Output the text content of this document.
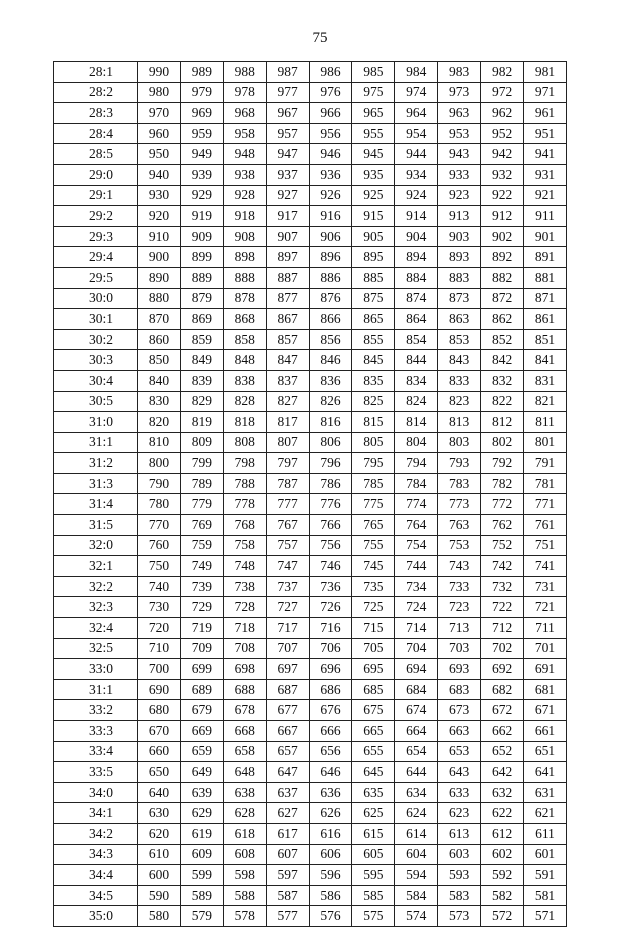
75
28:1	990	989	988	987	986	985	984	983	982	981
28:2	980	979	978	977	976	975	974	973	972	971
28:3	970	969	968	967	966	965	964	963	962	961
28:4	960	959	958	957	956	955	954	953	952	951
28:5	950	949	948	947	946	945	944	943	942	941
29:0	940	939	938	937	936	935	934	933	932	931
29:1	930	929	928	927	926	925	924	923	922	921
29:2	920	919	918	917	916	915	914	913	912	911
29:3	910	909	908	907	906	905	904	903	902	901
29:4	900	899	898	897	896	895	894	893	892	891
29:5	890	889	888	887	886	885	884	883	882	881
30:0	880	879	878	877	876	875	874	873	872	871
30:1	870	869	868	867	866	865	864	863	862	861
30:2	860	859	858	857	856	855	854	853	852	851
30:3	850	849	848	847	846	845	844	843	842	841
30:4	840	839	838	837	836	835	834	833	832	831
30:5	830	829	828	827	826	825	824	823	822	821
31:0	820	819	818	817	816	815	814	813	812	811
31:1	810	809	808	807	806	805	804	803	802	801
31:2	800	799	798	797	796	795	794	793	792	791
31:3	790	789	788	787	786	785	784	783	782	781
31:4	780	779	778	777	776	775	774	773	772	771
31:5	770	769	768	767	766	765	764	763	762	761
32:0	760	759	758	757	756	755	754	753	752	751
32:1	750	749	748	747	746	745	744	743	742	741
32:2	740	739	738	737	736	735	734	733	732	731
32:3	730	729	728	727	726	725	724	723	722	721
32:4	720	719	718	717	716	715	714	713	712	711
32:5	710	709	708	707	706	705	704	703	702	701
33:0	700	699	698	697	696	695	694	693	692	691
31:1	690	689	688	687	686	685	684	683	682	681
33:2	680	679	678	677	676	675	674	673	672	671
33:3	670	669	668	667	666	665	664	663	662	661
33:4	660	659	658	657	656	655	654	653	652	651
33:5	650	649	648	647	646	645	644	643	642	641
34:0	640	639	638	637	636	635	634	633	632	631
34:1	630	629	628	627	626	625	624	623	622	621
34:2	620	619	618	617	616	615	614	613	612	611
34:3	610	609	608	607	606	605	604	603	602	601
34:4	600	599	598	597	596	595	594	593	592	591
34:5	590	589	588	587	586	585	584	583	582	581
35:0	580	579	578	577	576	575	574	573	572	571
